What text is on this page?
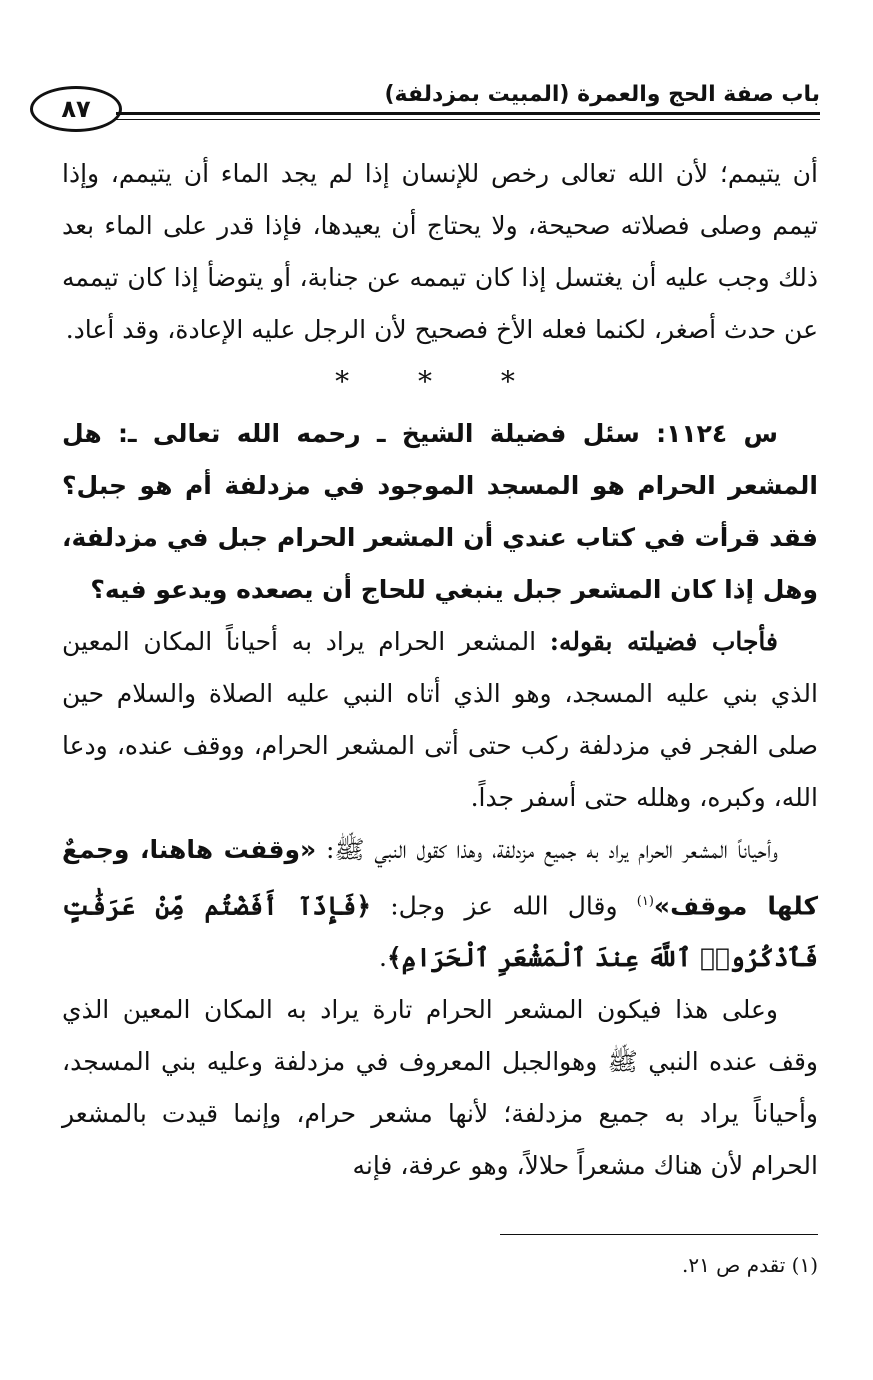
٨٧
باب صفة الحج والعمرة (المبيت بمزدلفة)

أن يتيمم؛ لأن الله تعالى رخص للإنسان إذا لم يجد الماء أن يتيمم، وإذا تيمم وصلى فصلاته صحيحة، ولا يحتاج أن يعيدها، فإذا قدر على الماء بعد ذلك وجب عليه أن يغتسل إذا كان تيممه عن جنابة، أو يتوضأ إذا كان تيممه عن حدث أصغر، لكنما فعله الأخ فصحيح لأن الرجل عليه الإعادة، وقد أعاد.

* * *

س ١١٢٤: سئل فضيلة الشيخ ـ رحمه الله تعالى ـ: هل المشعر الحرام هو المسجد الموجود في مزدلفة أم هو جبل؟ فقد قرأت في كتاب عندي أن المشعر الحرام جبل في مزدلفة، وهل إذا كان المشعر جبل ينبغي للحاج أن يصعده ويدعو فيه؟

فأجاب فضيلته بقوله: المشعر الحرام يراد به أحياناً المكان المعين الذي بني عليه المسجد، وهو الذي أتاه النبي عليه الصلاة والسلام حين صلى الفجر في مزدلفة ركب حتى أتى المشعر الحرام، ووقف عنده، ودعا الله، وكبره، وهلله حتى أسفر جداً.

وأحياناً المشعر الحرام يراد به جميع مزدلفة، وهذا كقول النبي ﷺ: «وقفت هاهنا، وجمعٌ كلها موقف»$^{(١)}$ وقال الله عز وجل: ﴿فَإِذَآ أَفَضْتُم مِّنْ عَرَفَٰتٍ فَٱذْكُرُوا۟ ٱللَّهَ عِندَ ٱلْمَشْعَرِ ٱلْحَرَامِ﴾.

وعلى هذا فيكون المشعر الحرام تارة يراد به المكان المعين الذي وقف عنده النبي ﷺ وهوالجبل المعروف في مزدلفة وعليه بني المسجد، وأحياناً يراد به جميع مزدلفة؛ لأنها مشعر حرام، وإنما قيدت بالمشعر الحرام لأن هناك مشعراً حلالاً، وهو عرفة، فإنه

(١) تقدم ص ٢١.
